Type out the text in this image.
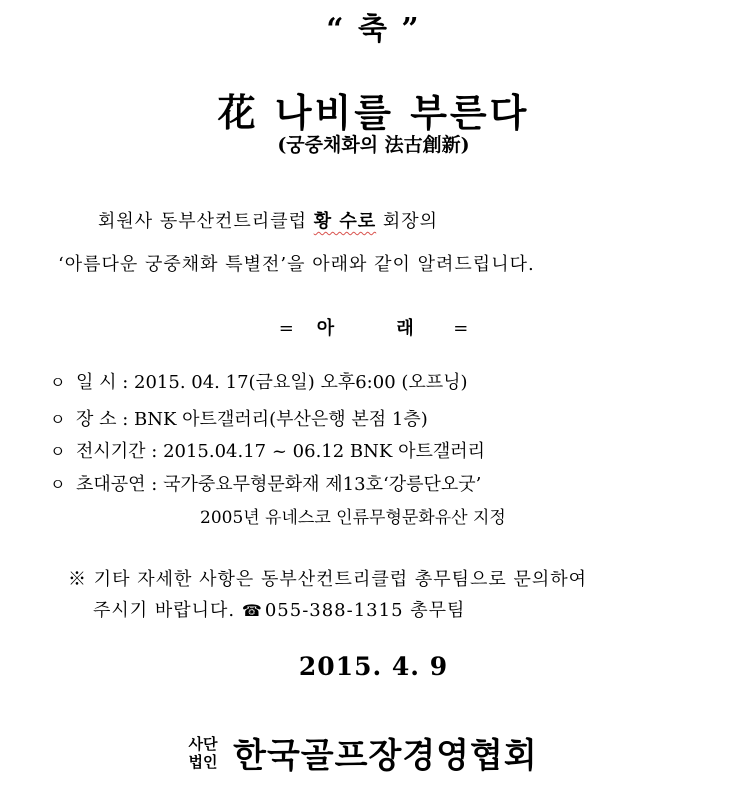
“ 축 ”
花 나비를 부른다
(궁중채화의 法古創新)
회원사 동부산컨트리클럽 황 수로 회장의
‘아름다운 궁중채화 특별전’을 아래와 같이 알려드립니다.
= 아 래 =
ㅇ 일 시 : 2015. 04. 17(금요일) 오후6:00 (오프닝)
ㅇ 장 소 : BNK 아트갤러리(부산은행 본점 1층)
ㅇ 전시기간 : 2015.04.17 ~ 06.12 BNK 아트갤러리
ㅇ 초대공연 : 국가중요무형문화재 제13호‘강릉단오굿’
2005년 유네스코 인류무형문화유산 지정
※ 기타 자세한 사항은 동부산컨트리클럽 총무팀으로 문의하여
주시기 바랍니다. ☎ 055-388-1315 총무팀
2015. 4. 9
사단
법인 한국골프장경영협회
